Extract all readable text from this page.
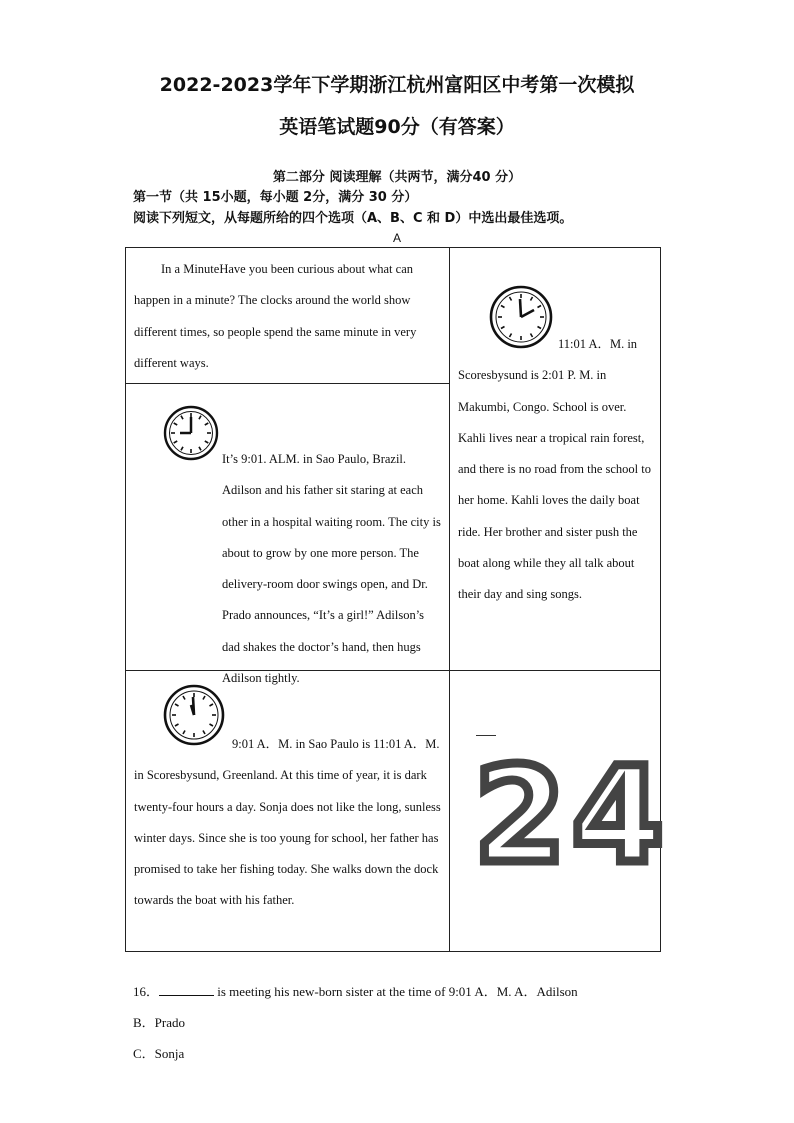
2022-2023学年下学期浙江杭州富阳区中考第一次模拟
英语笔试题90分（有答案）
第二部分 阅读理解（共两节，满分40 分）
第一节（共 15小题，每小题 2分，满分 30 分）
阅读下列短文，从每题所给的四个选项（A、B、C 和 D）中选出最佳选项。
A
In a MinuteHave you been curious about what can happen in a minute? The clocks around the world show different times, so people spend the same minute in very different ways.
It’s 9:01. ALM. in Sao Paulo, Brazil. Adilson and his father sit staring at each other in a hospital waiting room. The city is about to grow by one more person. The delivery-room door swings open, and Dr. Prado announces, “It’s a girl!” Adilson’s dad shakes the doctor’s hand, then hugs Adilson tightly.
11:01 A．M. in Scoresbysund is 2:01 P. M. in Makumbi, Congo. School is over. Kahli lives near a tropical rain forest, and there is no road from the school to her home. Kahli loves the daily boat ride. Her brother and sister push the boat along while they all talk about their day and sing songs.
9:01 A．M. in Sao Paulo is 11:01 A．M. in Scoresbysund, Greenland. At this time of year, it is dark twenty-four hours a day. Sonja does not like the long, sunless winter days. Since she is too young for school, her father has promised to take her fishing today. She walks down the dock towards the boat with his father.
24
16．	is meeting his new-born sister at the time of 9:01 A．M. A．Adilson
B．Prado
C．Sonja
